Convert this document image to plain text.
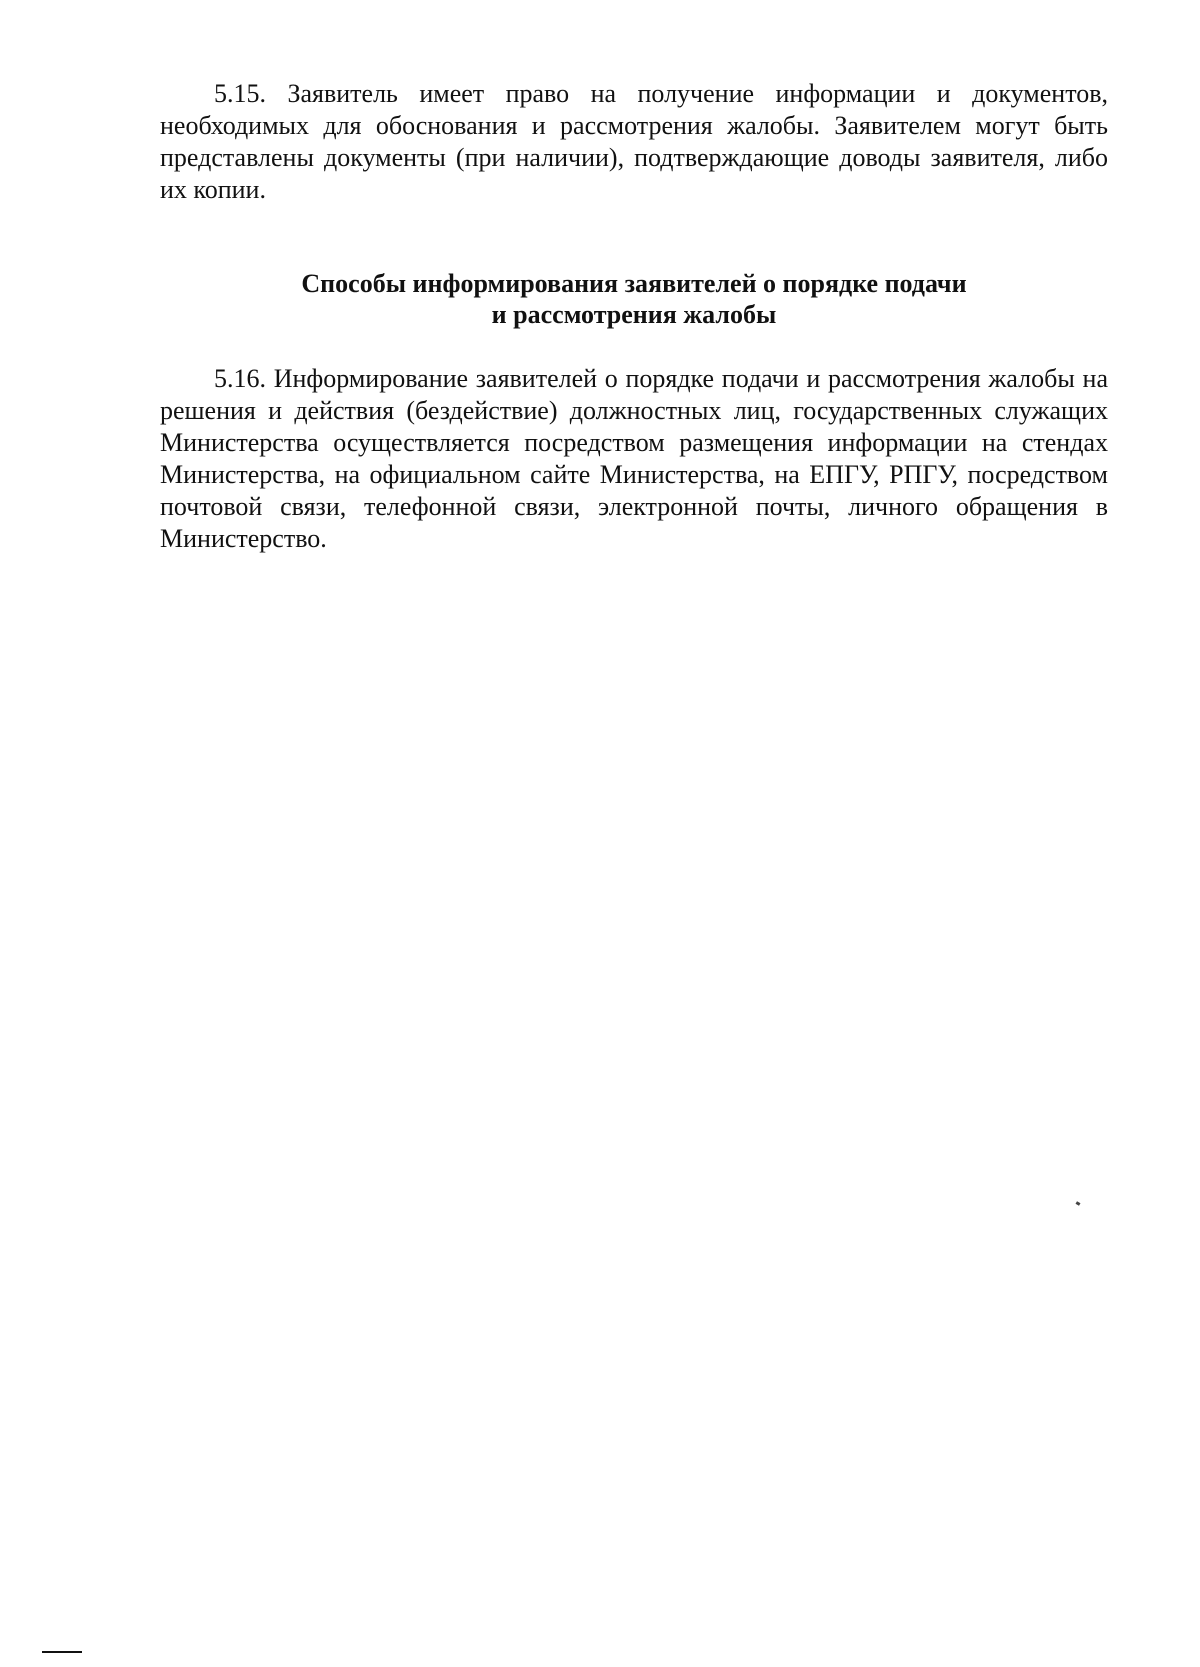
5.15. Заявитель имеет право на получение информации и документов, необходимых для обоснования и рассмотрения жалобы. Заявителем могут быть представлены документы (при наличии), подтверждающие доводы заявителя, либо их копии.

Способы информирования заявителей о порядке подачи
и рассмотрения жалобы

5.16. Информирование заявителей о порядке подачи и рассмотрения жалобы на решения и действия (бездействие) должностных лиц, государственных служащих Министерства осуществляется посредством размещения информации на стендах Министерства, на официальном сайте Министерства, на ЕПГУ, РПГУ, посредством почтовой связи, телефонной связи, электронной почты, личного обращения в Министерство.
